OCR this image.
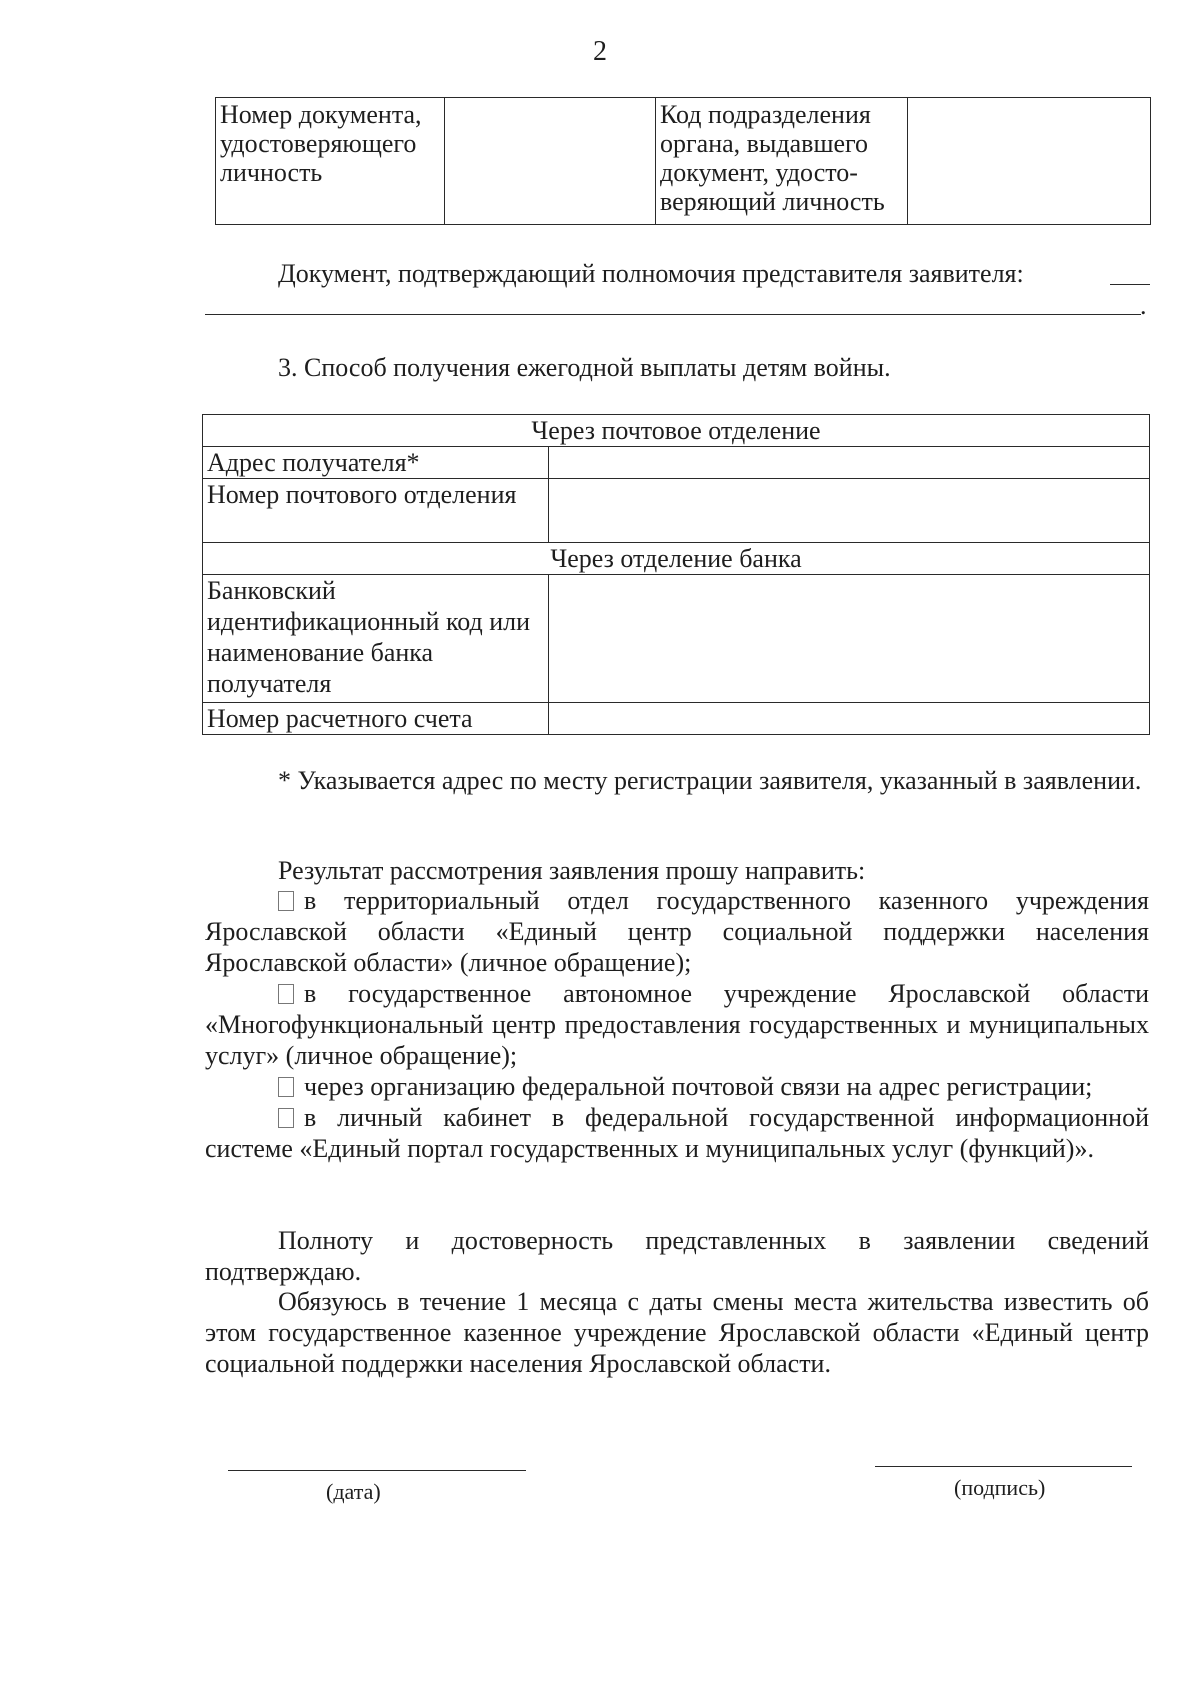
2
Номер документа, удостоверяющего личность		Код подразделения органа, выдавшего документ, удосто-веряющий личность	
Документ, подтверждающий полномочия представителя заявителя:
.
3. Способ получения ежегодной выплаты детям войны.
Через почтовое отделение	
Адрес получателя*	
Номер почтового отделения	
Через отделение банка	
Банковский идентификационный код или наименование банка получателя	
Номер расчетного счета	
* Указывается адрес по месту регистрации заявителя, указанный в заявлении.
Результат рассмотрения заявления прошу направить:
в территориальный отдел государственного казенного учреждения Ярославской области «Единый центр социальной поддержки населения Ярославской области» (личное обращение);
в государственное автономное учреждение Ярославской области «Многофункциональный центр предоставления государственных и муниципальных услуг» (личное обращение);
через организацию федеральной почтовой связи на адрес регистрации;
в личный кабинет в федеральной государственной информационной системе «Единый портал государственных и муниципальных услуг (функций)».
Полноту и достоверность представленных в заявлении сведений подтверждаю.
Обязуюсь в течение 1 месяца с даты смены места жительства известить об этом государственное казенное учреждение Ярославской области «Единый центр социальной поддержки населения Ярославской области.
(дата)	(подпись)
